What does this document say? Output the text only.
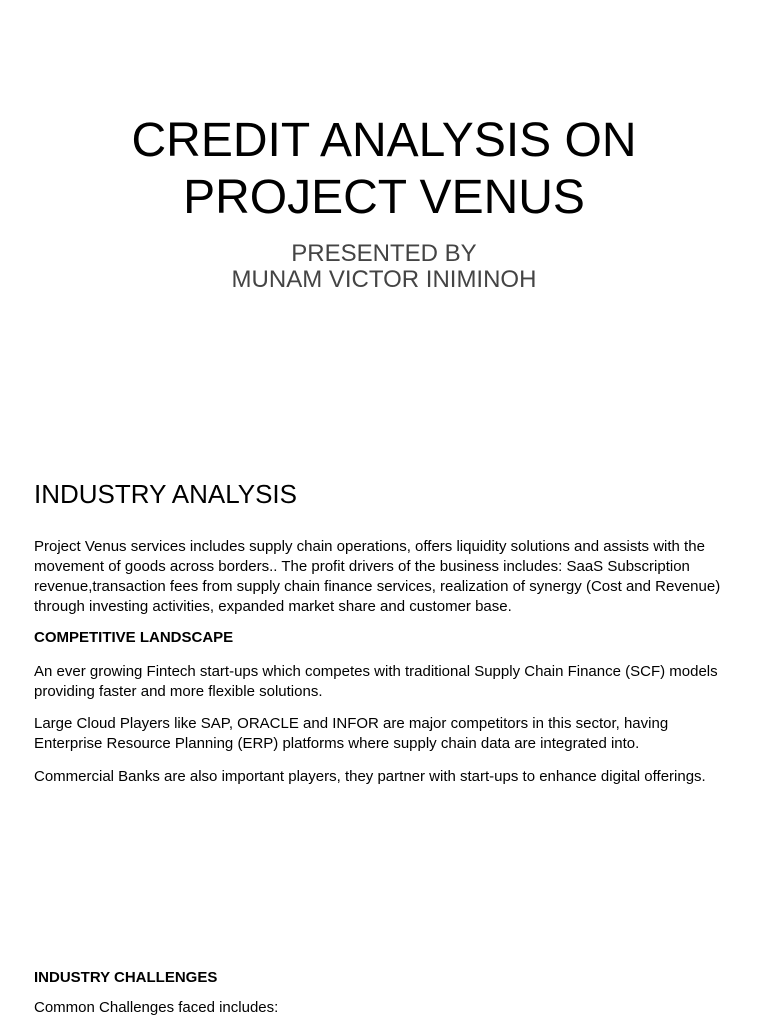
CREDIT ANALYSIS ON
PROJECT VENUS
PRESENTED BY
MUNAM VICTOR INIMINOH
INDUSTRY ANALYSIS

Project Venus services includes supply chain operations, offers liquidity solutions and assists with the movement of goods across borders.. The profit drivers of the business includes: SaaS Subscription revenue,transaction fees from supply chain finance services, realization of synergy (Cost and Revenue) through investing activities, expanded market share and customer base.

COMPETITIVE LANDSCAPE

An ever growing Fintech start-ups which competes with traditional Supply Chain Finance (SCF) models providing faster and more flexible solutions.

Large Cloud Players like SAP, ORACLE and INFOR are major competitors in this sector, having Enterprise Resource Planning (ERP) platforms where supply chain data are integrated into.

Commercial Banks are also important players, they partner with start-ups to enhance digital offerings.

INDUSTRY CHALLENGES

Common Challenges faced includes:
